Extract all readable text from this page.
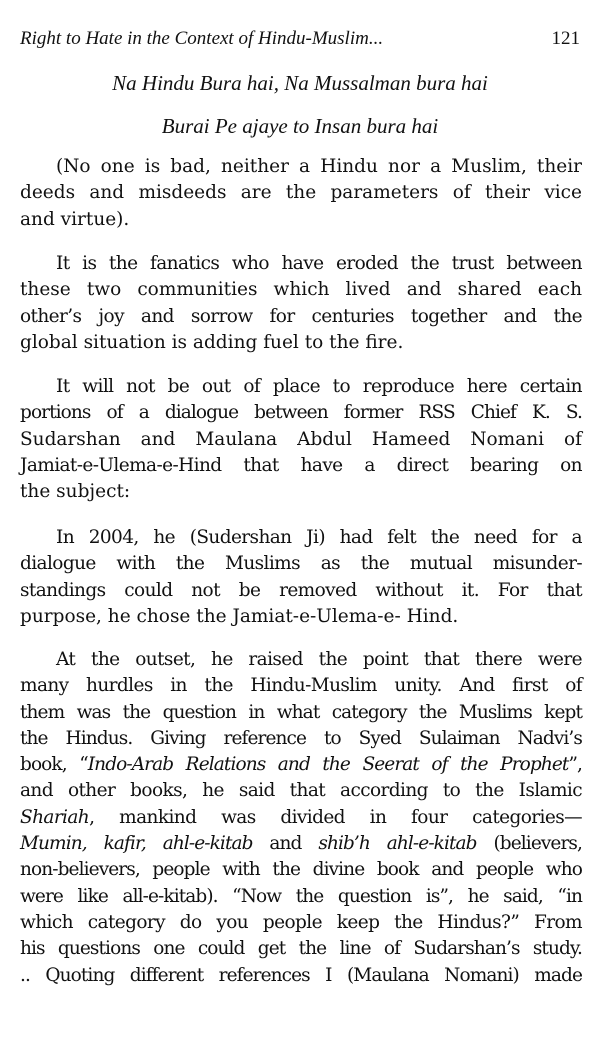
Right to Hate in the Context of Hindu-Muslim...	121
Na Hindu Bura hai, Na Mussalman bura hai
Burai Pe ajaye to Insan bura hai
(No one is bad, neither a Hindu nor a Muslim, their
deeds and misdeeds are the parameters of their vice
and virtue).
It is the fanatics who have eroded the trust between
these two communities which lived and shared each
other’s joy and sorrow for centuries together and the
global situation is adding fuel to the fire.
It will not be out of place to reproduce here certain
portions of a dialogue between former RSS Chief K. S.
Sudarshan and Maulana Abdul Hameed Nomani of
Jamiat-e-Ulema-e-Hind that have a direct bearing on
the subject:
In 2004, he (Sudershan Ji) had felt the need for a
dialogue with the Muslims as the mutual misunder-
standings could not be removed without it. For that
purpose, he chose the Jamiat-e-Ulema-e- Hind.
At the outset, he raised the point that there were
many hurdles in the Hindu-Muslim unity. And first of
them was the question in what category the Muslims kept
the Hindus. Giving reference to Syed Sulaiman Nadvi’s
book, “Indo-Arab Relations and the Seerat of the Prophet”,
and other books, he said that according to the Islamic
Shariah, mankind was divided in four categories—
Mumin, kafir, ahl-e-kitab and shib’h ahl-e-kitab (believers,
non-believers, people with the divine book and people who
were like all-e-kitab). “Now the question is”, he said, “in
which category do you people keep the Hindus?” From
his questions one could get the line of Sudarshan’s study.
.. Quoting different references I (Maulana Nomani) made
